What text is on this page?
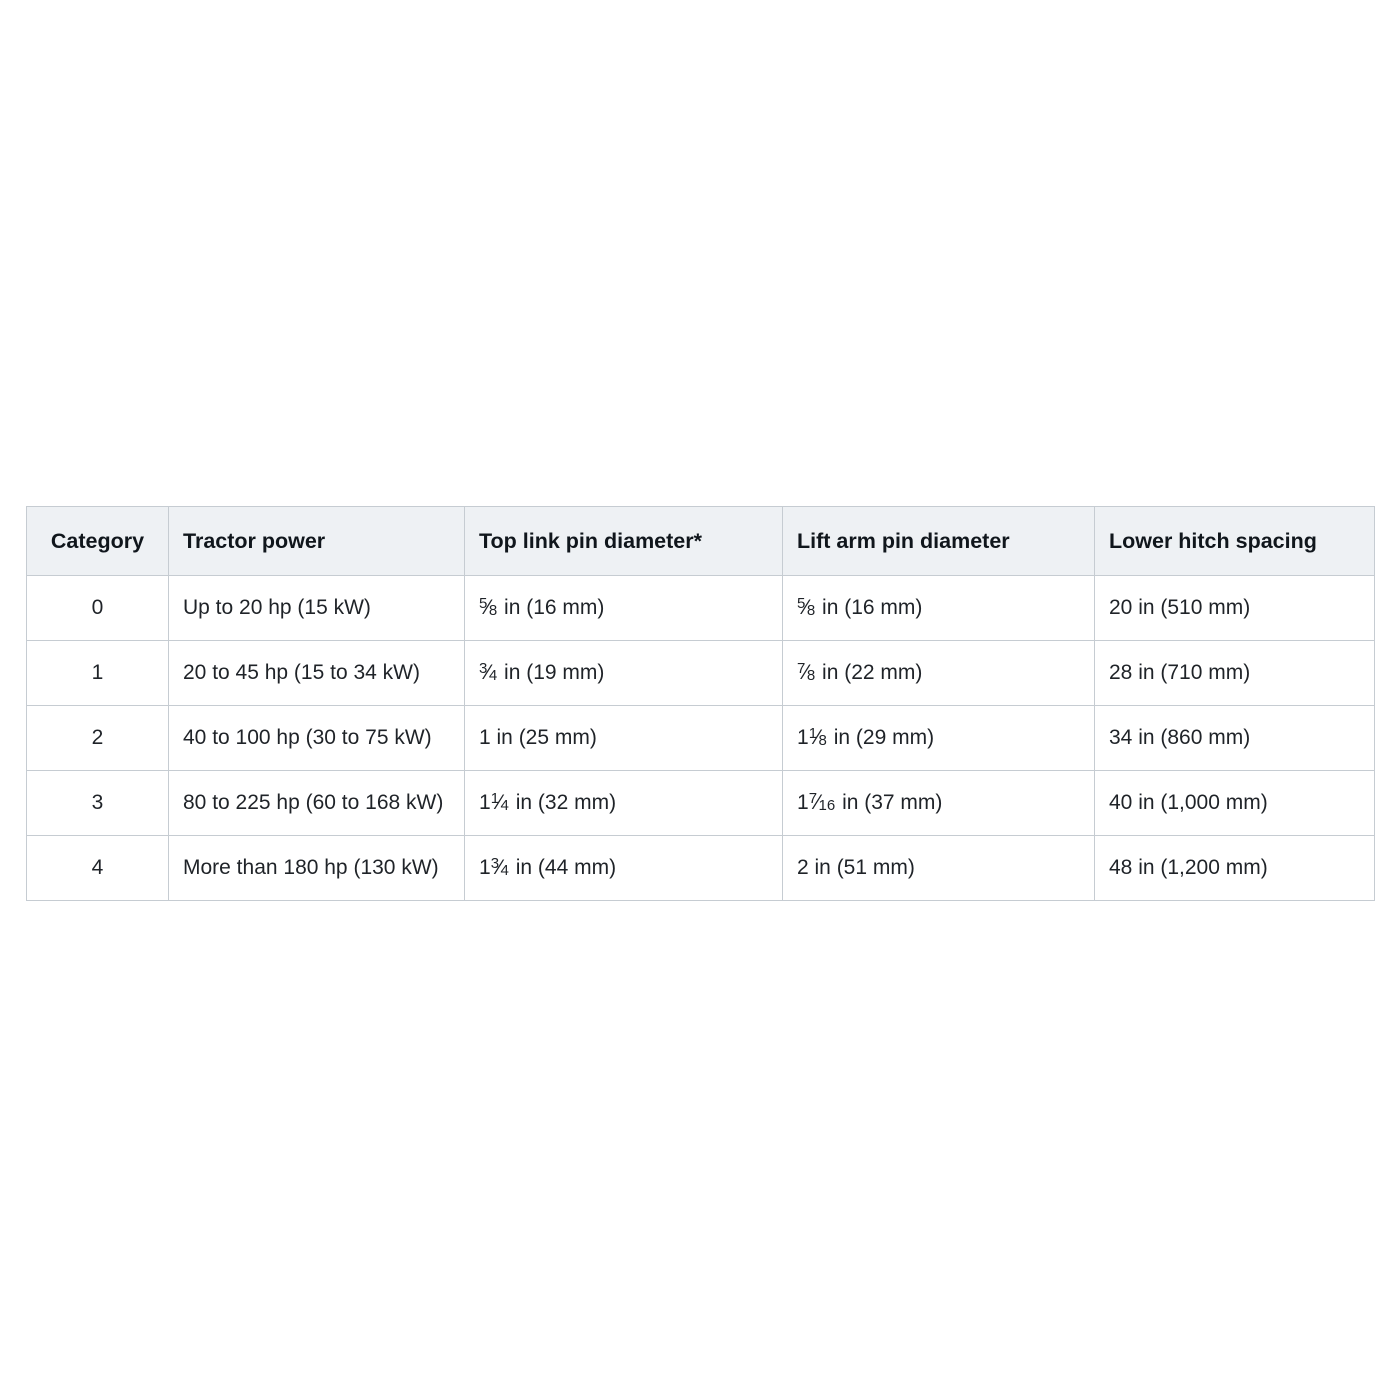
Category	Tractor power	Top link pin diameter*	Lift arm pin diameter	Lower hitch spacing
0	Up to 20 hp (15 kW)	$^5$⁄8 in (16 mm)	$^5$⁄8 in (16 mm)	20 in (510 mm)
1	20 to 45 hp (15 to 34 kW)	$^3$⁄4 in (19 mm)	$^7$⁄8 in (22 mm)	28 in (710 mm)
2	40 to 100 hp (30 to 75 kW)	1 in (25 mm)	$1^1⁄8$ in (29 mm)	34 in (860 mm)
3	80 to 225 hp (60 to 168 kW)	$1^1⁄4$ in (32 mm)	$1^7⁄16$ in (37 mm)	40 in (1,000 mm)
4	More than 180 hp (130 kW)	$1^3⁄4$ in (44 mm)	2 in (51 mm)	48 in (1,200 mm)
